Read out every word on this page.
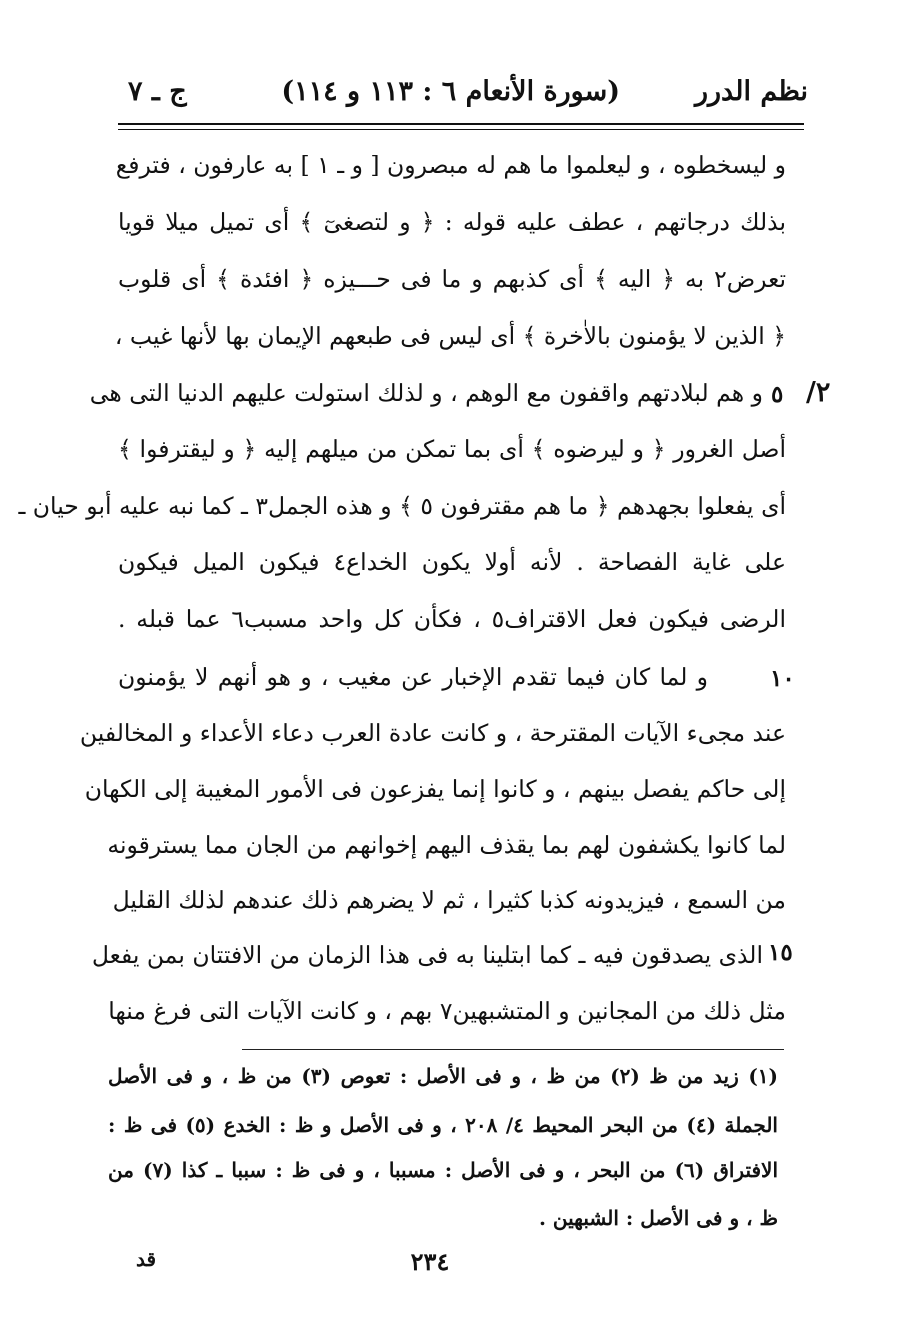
نظم الدرر
(سورة الأنعام ٦ : ١١٣ و ١١٤)
ج ـ ٧
٢/
٥
١٠
١٥
و ليسخطوه ، و ليعلموا ما هم له مبصرون [ و ـ ١ ] به عارفون ، فترفع
بذلك درجاتهم ، عطف عليه قوله : ﴿ و لتصغىٓ ﴾ أى تميل ميلا قويا
تعرض٢ به ﴿ اليه ﴾ أى كذبهم و ما فى حـــيزه ﴿ افئدة ﴾ أى قلوب
﴿ الذين لا يؤمنون بالاٰخرة ﴾ أى ليس فى طبعهم الإيمان بها لأنها غيب ،
و هم لبلادتهم واقفون مع الوهم ، و لذلك استولت عليهم الدنيا التى هى
أصل الغرور ﴿ و ليرضوه ﴾ أى بما تمكن من ميلهم إليه ﴿ و ليقترفوا ﴾
أى يفعلوا بجهدهم ﴿ ما هم مقترفون ٥ ﴾ و هذه الجمل٣ ـ كما نبه عليه أبو حيان ـ
على غاية الفصاحة . لأنه أولا يكون الخداع٤ فيكون الميل فيكون
الرضى فيكون فعل الاقتراف٥ ، فكأن كل واحد مسبب٦ عما قبله .
و لما كان فيما تقدم الإخبار عن مغيب ، و هو أنهم لا يؤمنون
عند مجىء الآيات المقترحة ، و كانت عادة العرب دعاء الأعداء و المخالفين
إلى حاكم يفصل بينهم ، و كانوا إنما يفزعون فى الأمور المغيبة إلى الكهان
لما كانوا يكشفون لهم بما يقذف اليهم إخوانهم من الجان مما يسترقونه
من السمع ، فيزيدونه كذبا كثيرا ، ثم لا يضرهم ذلك عندهم لذلك القليل
الذى يصدقون فيه ـ كما ابتلينا به فى هذا الزمان من الافتتان بمن يفعل
مثل ذلك من المجانين و المتشبهين٧ بهم ، و كانت الآيات التى فرغ منها
(١) زيد من ظ (٢) من ظ ، و فى الأصل : تعوص (٣) من ظ ، و فى الأصل
الجملة (٤) من البحر المحيط ٤/ ٢٠٨ ، و فى الأصل و ظ : الخدع (٥) فى ظ :
الافتراق (٦) من البحر ، و فى الأصل : مسببا ، و فى ظ : سببا ـ كذا (٧) من
ظ ، و فى الأصل : الشبهين .
٢٣٤
قد
